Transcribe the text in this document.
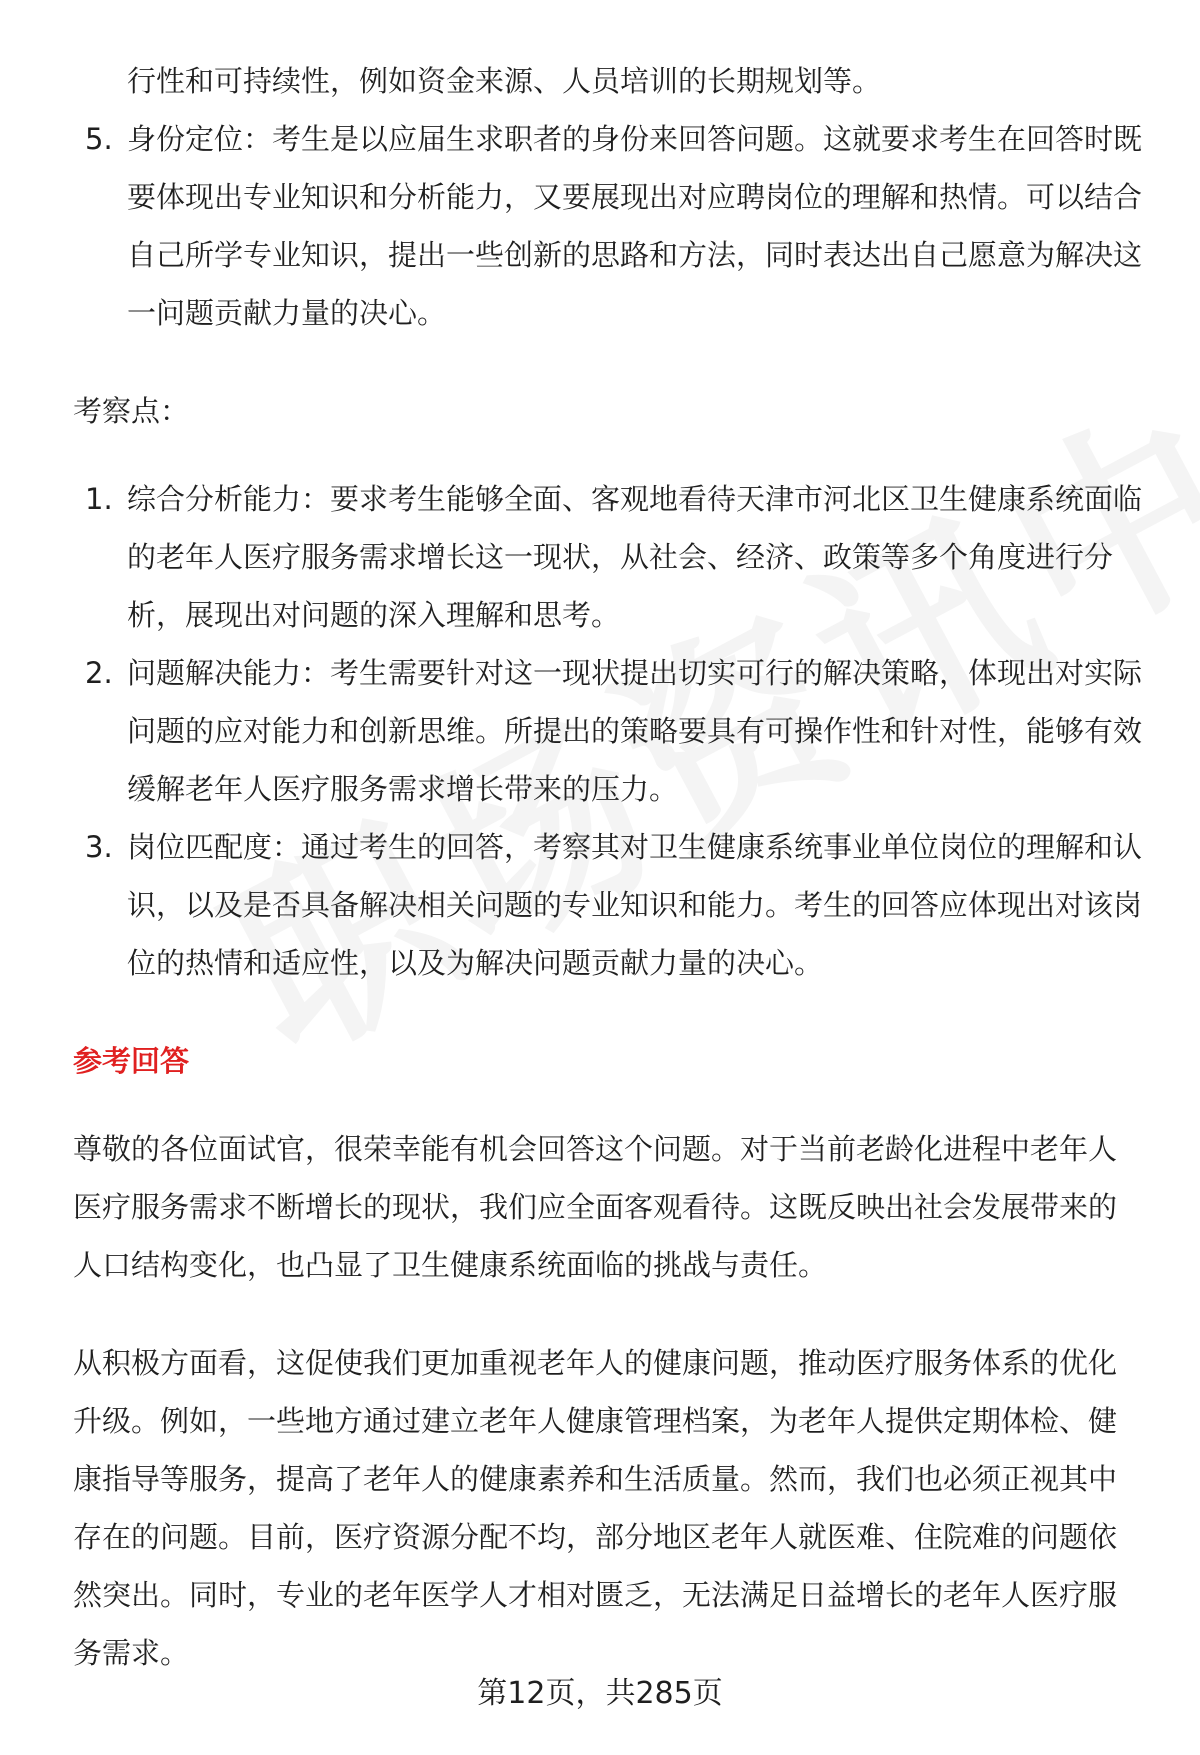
行性和可持续性，例如资金来源、人员培训的长期规划等。

5. 身份定位：考生是以应届生求职者的身份来回答问题。这就要求考生在回答时既要体现出专业知识和分析能力，又要展现出对应聘岗位的理解和热情。可以结合自己所学专业知识，提出一些创新的思路和方法，同时表达出自己愿意为解决这一问题贡献力量的决心。

考察点：

1. 综合分析能力：要求考生能够全面、客观地看待天津市河北区卫生健康系统面临的老年人医疗服务需求增长这一现状，从社会、经济、政策等多个角度进行分析，展现出对问题的深入理解和思考。
2. 问题解决能力：考生需要针对这一现状提出切实可行的解决策略，体现出对实际问题的应对能力和创新思维。所提出的策略要具有可操作性和针对性，能够有效缓解老年人医疗服务需求增长带来的压力。
3. 岗位匹配度：通过考生的回答，考察其对卫生健康系统事业单位岗位的理解和认识，以及是否具备解决相关问题的专业知识和能力。考生的回答应体现出对该岗位的热情和适应性，以及为解决问题贡献力量的决心。

参考回答

尊敬的各位面试官，很荣幸能有机会回答这个问题。对于当前老龄化进程中老年人医疗服务需求不断增长的现状，我们应全面客观看待。这既反映出社会发展带来的人口结构变化，也凸显了卫生健康系统面临的挑战与责任。

从积极方面看，这促使我们更加重视老年人的健康问题，推动医疗服务体系的优化升级。例如，一些地方通过建立老年人健康管理档案，为老年人提供定期体检、健康指导等服务，提高了老年人的健康素养和生活质量。然而，我们也必须正视其中存在的问题。目前，医疗资源分配不均，部分地区老年人就医难、住院难的问题依然突出。同时，专业的老年医学人才相对匮乏，无法满足日益增长的老年人医疗服务需求。

第12页，共285页
